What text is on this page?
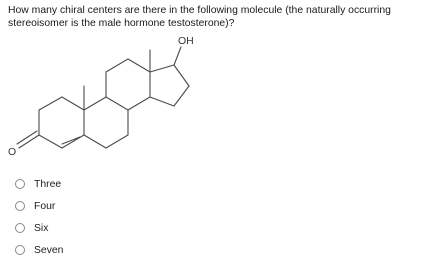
How many chiral centers are there in the following molecule (the naturally occurring
stereoisomer is the male hormone testosterone)?
OH
O
Three
Four
Six
Seven
